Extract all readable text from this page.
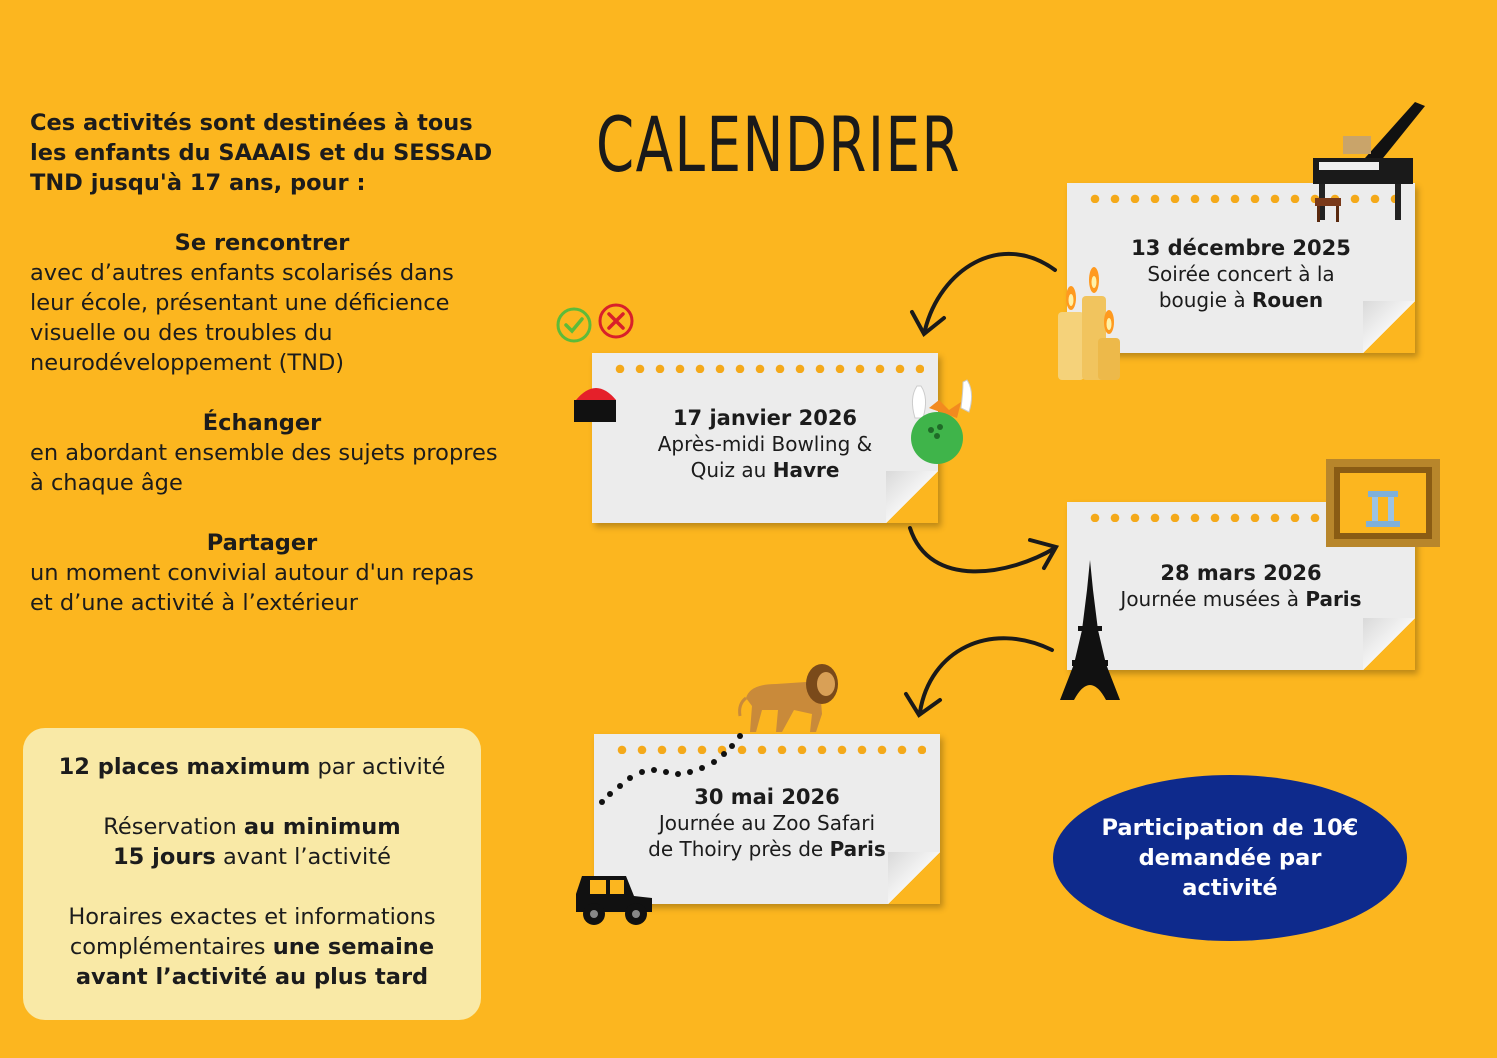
Ces activités sont destinées à tous les enfants du SAAAIS et du SESSAD TND jusqu'à 17 ans, pour :

Se rencontrer
avec d’autres enfants scolarisés dans leur école, présentant une déficience visuelle ou des troubles du neurodéveloppement (TND)
Échanger
en abordant ensemble des sujets propres à chaque âge
Partager
un moment convivial autour d'un repas et d’une activité à l’extérieur

12 places maximum par activité

Réservation au minimum
15 jours avant l’activité

Horaires exactes et informations complémentaires une semaine avant l’activité au plus tard

CALENDRIER
13 décembre 2025
Soirée concert à la
bougie à Rouen
17 janvier 2026
Après-midi Bowling &
Quiz au Havre
28 mars 2026
Journée musées à Paris
30 mai 2026
Journée au Zoo Safari
de Thoiry près de Paris
Participation de 10€ demandée par activité
